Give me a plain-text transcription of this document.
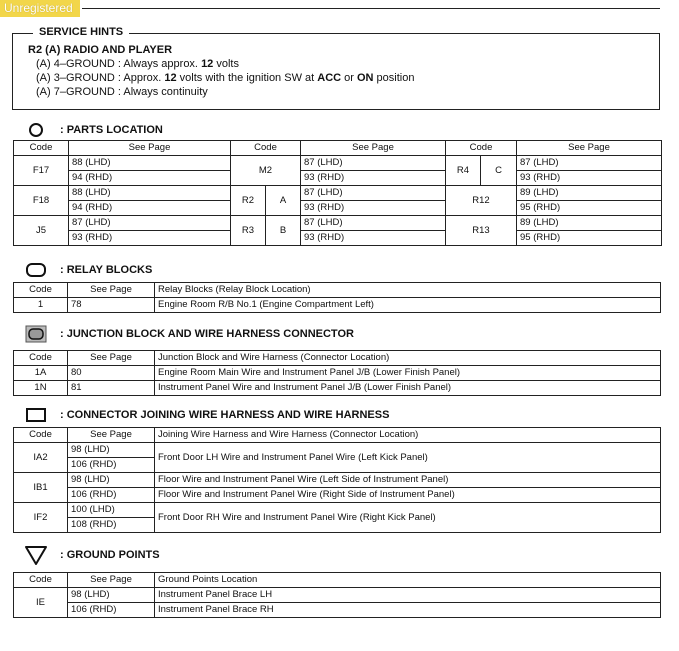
Unregistered
SERVICE HINTS
R2 (A) RADIO AND PLAYER
(A) 4–GROUND : Always approx. 12 volts
(A) 3–GROUND : Approx. 12 volts with the ignition SW at ACC or ON position
(A) 7–GROUND : Always continuity
: PARTS LOCATION
Code	See Page	Code		See Page	Code		See Page
F17	88 (LHD)	M2		87 (LHD)	R4	C	87 (LHD)
	94 (RHD)			93 (RHD)			93 (RHD)
F18	88 (LHD)	R2	A	87 (LHD)	R12		89 (LHD)
	94 (RHD)			93 (RHD)			95 (RHD)
J5	87 (LHD)	R3	B	87 (LHD)	R13		89 (LHD)
	93 (RHD)			93 (RHD)			95 (RHD)
: RELAY BLOCKS
Code	See Page	Relay Blocks (Relay Block Location)
1	78	Engine Room R/B No.1 (Engine Compartment Left)
: JUNCTION BLOCK AND WIRE HARNESS CONNECTOR
Code	See Page	Junction Block and Wire Harness (Connector Location)
1A	80	Engine Room Main Wire and Instrument Panel J/B (Lower Finish Panel)
1N	81	Instrument Panel Wire and Instrument Panel J/B (Lower Finish Panel)
: CONNECTOR JOINING WIRE HARNESS AND WIRE HARNESS
Code	See Page	Joining Wire Harness and Wire Harness (Connector Location)
IA2	98 (LHD)	Front Door LH Wire and Instrument Panel Wire (Left Kick Panel)
	106 (RHD)	
IB1	98 (LHD)	Floor Wire and Instrument Panel Wire (Left Side of Instrument Panel)
	106 (RHD)	Floor Wire and Instrument Panel Wire (Right Side of Instrument Panel)
IF2	100 (LHD)	Front Door RH Wire and Instrument Panel Wire (Right Kick Panel)
	108 (RHD)	
: GROUND POINTS
Code	See Page	Ground Points Location
IE	98 (LHD)	Instrument Panel Brace LH
	106 (RHD)	Instrument Panel Brace RH
